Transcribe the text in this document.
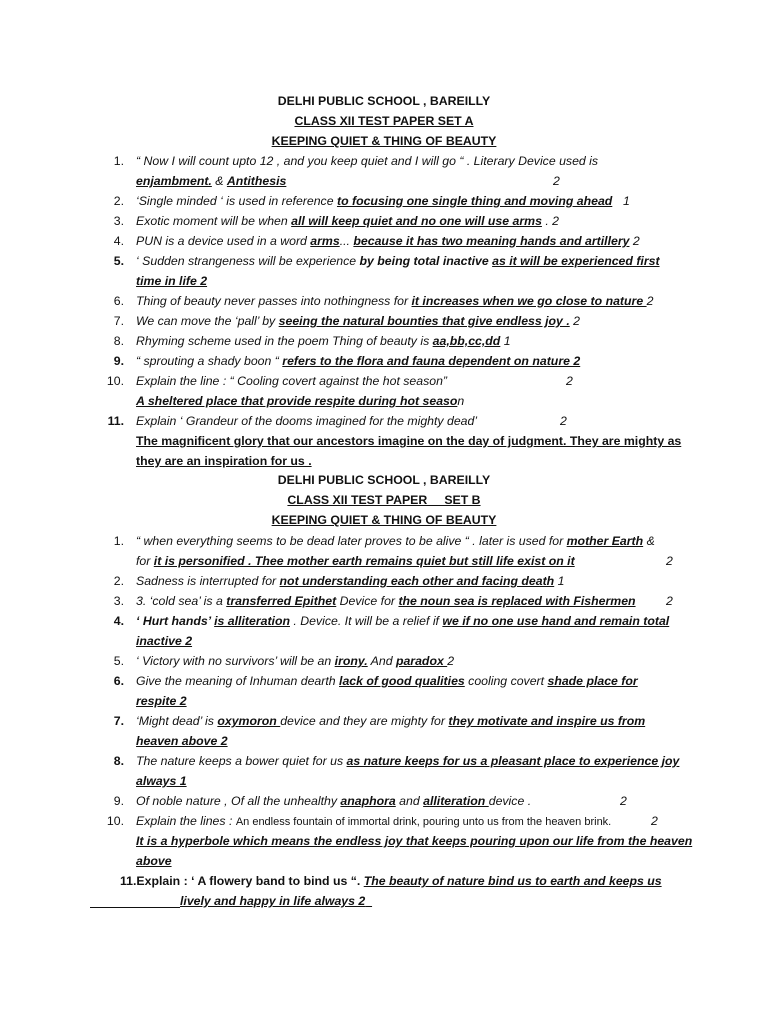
DELHI PUBLIC SCHOOL , BAREILLY
CLASS XII TEST PAPER SET A
KEEPING QUIET & THING OF BEAUTY
1. “ Now I will count upto 12 , and you keep quiet and I will go “ . Literary Device used is
enjambment. & Antithesis	2
2. ‘Single minded ‘ is used in reference to focusing one single thing and moving ahead 1
3. Exotic moment will be when all will keep quiet and no one will use arms . 2
4. PUN is a device used in a word arms... because it has two meaning hands and artillery 2
5. ‘ Sudden strangeness will be experience by being total inactive as it will be experienced first
time in life 2
6. Thing of beauty never passes into nothingness for it increases when we go close to nature 2
7. We can move the ‘pall’ by seeing the natural bounties that give endless joy . 2
8. Rhyming scheme used in the poem Thing of beauty is aa,bb,cc,dd 1
9. “ sprouting a shady boon “ refers to the flora and fauna dependent on nature 2
10. Explain the line : “ Cooling covert against the hot season”	2
A sheltered place that provide respite during hot season
11. Explain ‘ Grandeur of the dooms imagined for the mighty dead’	2
The magnificent glory that our ancestors imagine on the day of judgment. They are mighty as
they are an inspiration for us .
DELHI PUBLIC SCHOOL , BAREILLY
CLASS XII TEST PAPER     SET B
KEEPING QUIET & THING OF BEAUTY
1. “ when everything seems to be dead later proves to be alive “ . later is used for mother Earth &
for it is personified . Thee mother earth remains quiet but still life exist on it	2
2. Sadness is interrupted for not understanding each other and facing death 1
3. 3. ‘cold sea’ is a transferred Epithet Device for the noun sea is replaced with Fishermen 2
4. ‘ Hurt hands’ is alliteration . Device. It will be a relief if we if no one use hand and remain total
inactive 2
5. ‘ Victory with no survivors’ will be an irony. And paradox 2
6. Give the meaning of Inhuman dearth lack of good qualities cooling covert shade place for
respite 2
7. ‘Might dead’ is oxymoron device and they are mighty for they motivate and inspire us from
heaven above 2
8. The nature keeps a bower quiet for us as nature keeps for us a pleasant place to experience joy
always 1
9. Of noble nature , Of all the unhealthy anaphora and alliteration device .	2
10. Explain the lines : An endless fountain of immortal drink, pouring unto us from the heaven brink.	2
It is a hyperbole which means the endless joy that keeps pouring upon our life from the heaven
above
11.Explain : ‘ A flowery band to bind us “. The beauty of nature bind us to earth and keeps us
lively and happy in life always 2
